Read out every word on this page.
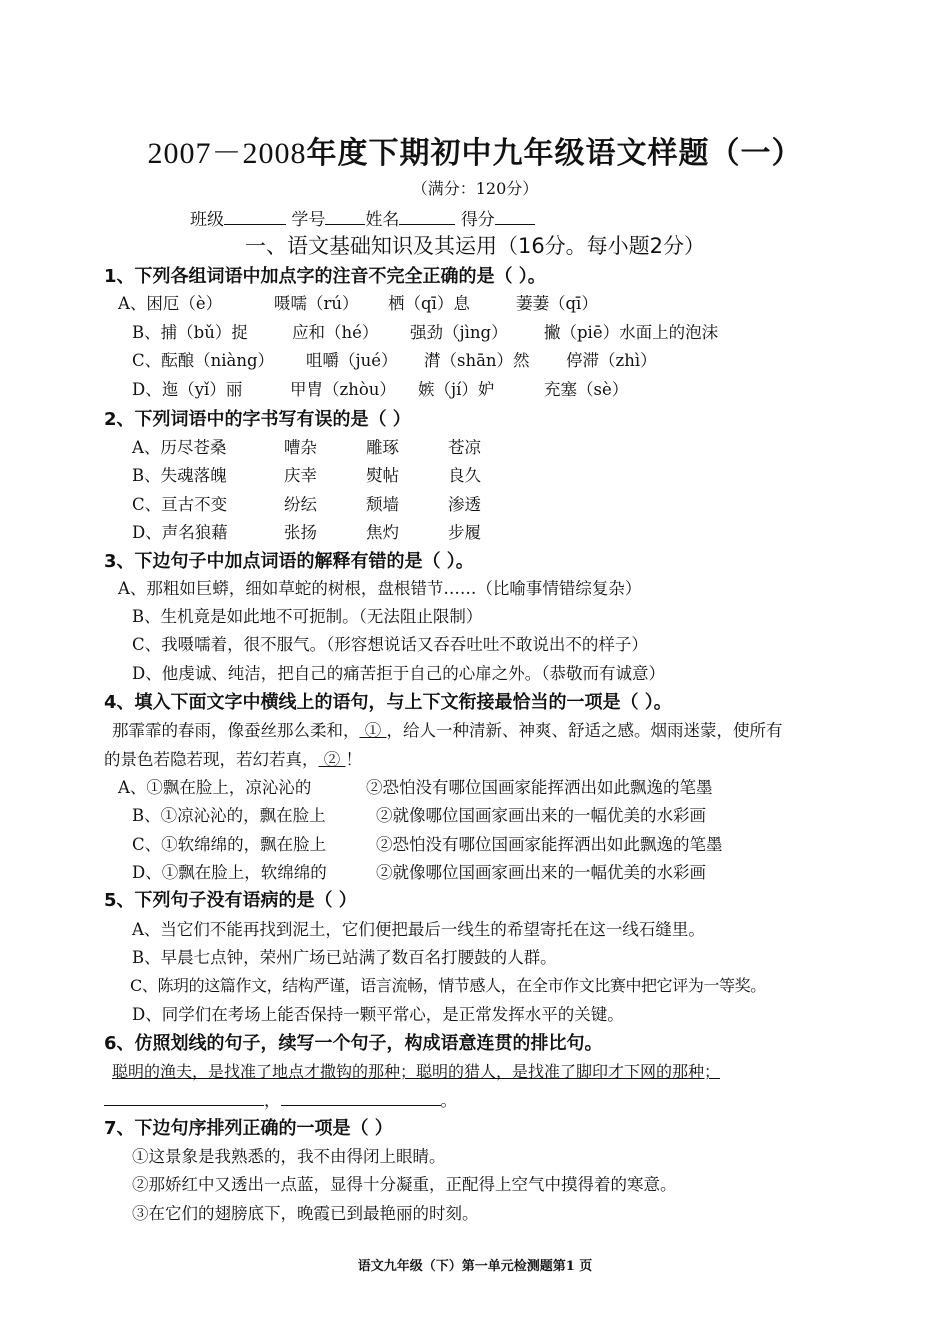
2007－2008年度下期初中九年级语文样题（一）
（满分：120分）
班级	学号 姓名	得分
一、语文基础知识及其运用（16分。每小题2分）
1、下列各组词语中加点字的注音不完全正确的是（ ）。
A、困厄（è）	嗫嚅（rú） 栖（qī）息	萋萋（qī）
B、捕（bǔ）捉	应和（hé） 强劲（jìng） 撇（piē）水面上的泡沫
C、酝酿（niàng） 咀嚼（jué） 潸（shān）然 停滞（zhì）
D、迤（yǐ）丽	甲胄（zhòu） 嫉（jí）妒	充塞（sè）
2、下列词语中的字书写有误的是（ ）
A、历尽苍桑	嘈杂	雕琢	苍凉
B、失魂落魄	庆幸	熨帖	良久
C、亘古不变	纷纭	颓墙	渗透
D、声名狼藉	张扬	焦灼	步履
3、下边句子中加点词语的解释有错的是（ ）。
A、那粗如巨蟒，细如草蛇的树根，盘根错节……（比喻事情错综复杂）
B、生机竟是如此地不可扼制。（无法阻止限制）
C、我嗫嚅着，很不服气。（形容想说话又吞吞吐吐不敢说出不的样子）
D、他虔诚、纯洁，把自己的痛苦拒于自己的心扉之外。（恭敬而有诚意）
4、填入下面文字中横线上的语句，与上下文衔接最恰当的一项是（ ）。
那霏霏的春雨，像蚕丝那么柔和， ① ，给人一种清新、神爽、舒适之感。烟雨迷蒙，使所有
的景色若隐若现，若幻若真， ② ！
A、①飘在脸上，凉沁沁的	②恐怕没有哪位国画家能挥洒出如此飘逸的笔墨
B、①凉沁沁的，飘在脸上	②就像哪位国画家画出来的一幅优美的水彩画
C、①软绵绵的，飘在脸上	②恐怕没有哪位国画家能挥洒出如此飘逸的笔墨
D、①飘在脸上，软绵绵的	②就像哪位国画家画出来的一幅优美的水彩画
5、下列句子没有语病的是（ ）
A、当它们不能再找到泥土，它们便把最后一线生的希望寄托在这一线石缝里。
B、早晨七点钟，荣州广场已站满了数百名打腰鼓的人群。
C、陈玥的这篇作文，结构严谨，语言流畅，情节感人，在全市作文比赛中把它评为一等奖。
D、同学们在考场上能否保持一颗平常心，是正常发挥水平的关键。
6、仿照划线的句子，续写一个句子，构成语意连贯的排比句。
聪明的渔夫，是找准了地点才撒钩的那种；聪明的猎人，是找准了脚印才下网的那种；
，	。
7、下边句序排列正确的一项是（ ）
①这景象是我熟悉的，我不由得闭上眼睛。
②那娇红中又透出一点蓝，显得十分凝重，正配得上空气中摸得着的寒意。
③在它们的翅膀底下，晚霞已到最艳丽的时刻。
语文九年级（下）第一单元检测题第1 页
